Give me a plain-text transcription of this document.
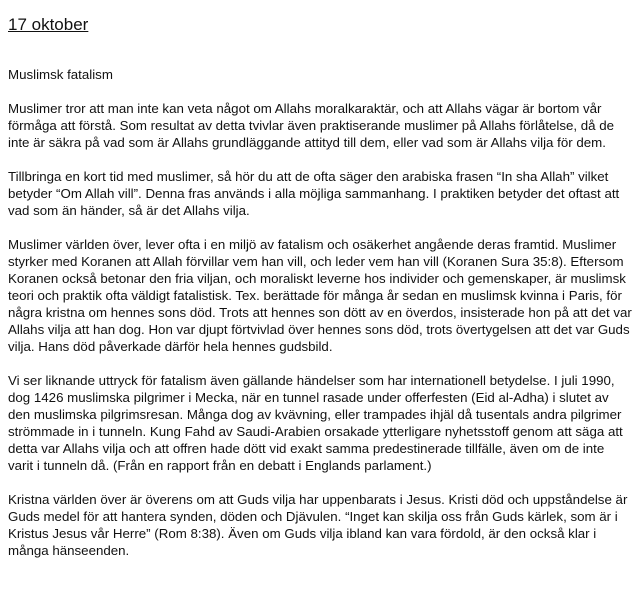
17 oktober
Muslimsk fatalism

Muslimer tror att man inte kan veta något om Allahs moralkaraktär, och att Allahs vägar är bortom vår förmåga att förstå. Som resultat av detta tvivlar även praktiserande muslimer på Allahs förlåtelse, då de inte är säkra på vad som är Allahs grundläggande attityd till dem, eller vad som är Allahs vilja för dem.

Tillbringa en kort tid med muslimer, så hör du att de ofta säger den arabiska frasen “In sha Allah” vilket betyder “Om Allah vill”. Denna fras används i alla möjliga sammanhang. I praktiken betyder det oftast att vad som än händer, så är det Allahs vilja.

Muslimer världen över, lever ofta i en miljö av fatalism och osäkerhet angående deras framtid. Muslimer styrker med Koranen att Allah förvillar vem han vill, och leder vem han vill (Koranen Sura 35:8). Eftersom Koranen också betonar den fria viljan, och moraliskt leverne hos individer och gemenskaper, är muslimsk teori och praktik ofta väldigt fatalistisk. Tex. berättade för många år sedan en muslimsk kvinna i Paris, för några kristna om hennes sons död. Trots att hennes son dött av en överdos, insisterade hon på att det var Allahs vilja att han dog. Hon var djupt förtvivlad över hennes sons död, trots övertygelsen att det var Guds vilja. Hans död påverkade därför hela hennes gudsbild.

Vi ser liknande uttryck för fatalism även gällande händelser som har internationell betydelse. I juli 1990, dog 1426 muslimska pilgrimer i Mecka, när en tunnel rasade under offerfesten (Eid al-Adha) i slutet av den muslimska pilgrimsresan. Många dog av kvävning, eller trampades ihjäl då tusentals andra pilgrimer strömmade in i tunneln. Kung Fahd av Saudi-Arabien orsakade ytterligare nyhetsstoff genom att säga att detta var Allahs vilja och att offren hade dött vid exakt samma predestinerade tillfälle, även om de inte varit i tunneln då. (Från en rapport från en debatt i Englands parlament.)

Kristna världen över är överens om att Guds vilja har uppenbarats i Jesus. Kristi död och uppståndelse är Guds medel för att hantera synden, döden och Djävulen. “Inget kan skilja oss från Guds kärlek, som är i Kristus Jesus vår Herre” (Rom 8:38). Även om Guds vilja ibland kan vara fördold, är den också klar i många hänseenden.
